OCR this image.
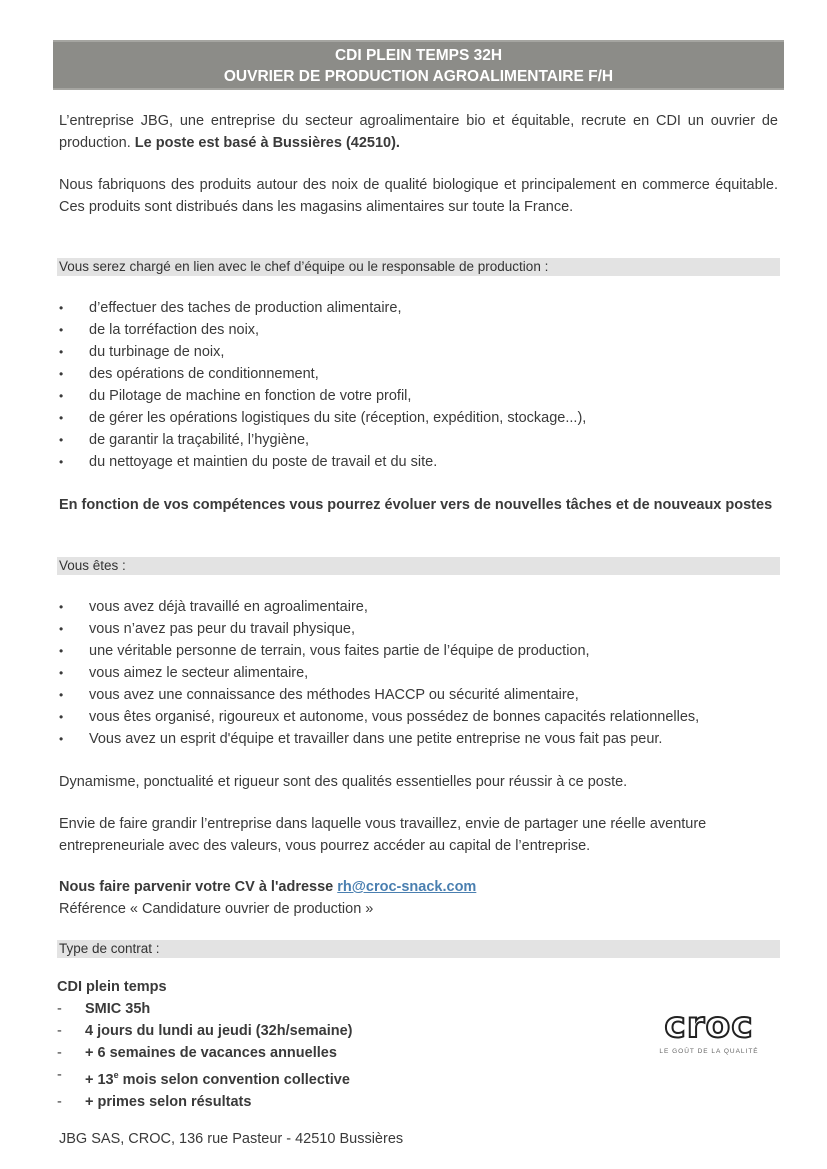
CDI PLEIN TEMPS 32H
OUVRIER DE PRODUCTION AGROALIMENTAIRE F/H
L’entreprise JBG, une entreprise du secteur agroalimentaire bio et équitable, recrute en CDI un ouvrier de production. Le poste est basé à Bussières (42510).
Nous fabriquons des produits autour des noix de qualité biologique et principalement en commerce équitable. Ces produits sont distribués dans les magasins alimentaires sur toute la France.
Vous serez chargé en lien avec le chef d’équipe ou le responsable de production :
• d’effectuer des taches de production alimentaire,
• de la torréfaction des noix,
• du turbinage de noix,
• des opérations de conditionnement,
• du Pilotage de machine en fonction de votre profil,
• de gérer les opérations logistiques du site (réception, expédition, stockage...),
• de garantir la traçabilité, l’hygiène,
• du nettoyage et maintien du poste de travail et du site.
En fonction de vos compétences vous pourrez évoluer vers de nouvelles tâches et de nouveaux postes
Vous êtes :
• vous avez déjà travaillé en agroalimentaire,
• vous n’avez pas peur du travail physique,
• une véritable personne de terrain, vous faites partie de l’équipe de production,
• vous aimez le secteur alimentaire,
• vous avez une connaissance des méthodes HACCP ou sécurité alimentaire,
• vous êtes organisé, rigoureux et autonome, vous possédez de bonnes capacités relationnelles,
• Vous avez un esprit d'équipe et travailler dans une petite entreprise ne vous fait pas peur.
Dynamisme, ponctualité et rigueur sont des qualités essentielles pour réussir à ce poste.
Envie de faire grandir l’entreprise dans laquelle vous travaillez, envie de partager une réelle aventure entrepreneuriale avec des valeurs, vous pourrez accéder au capital de l’entreprise.
Nous faire parvenir votre CV à l'adresse rh@croc-snack.com
Référence « Candidature ouvrier de production »
Type de contrat :
CDI plein temps
- SMIC 35h
- 4 jours du lundi au jeudi (32h/semaine)
- + 6 semaines de vacances annuelles
- + $13^e$ mois selon convention collective
- + primes selon résultats
croc
LE GOÛT DE LA QUALITÉ
JBG SAS, CROC, 136 rue Pasteur - 42510 Bussières
